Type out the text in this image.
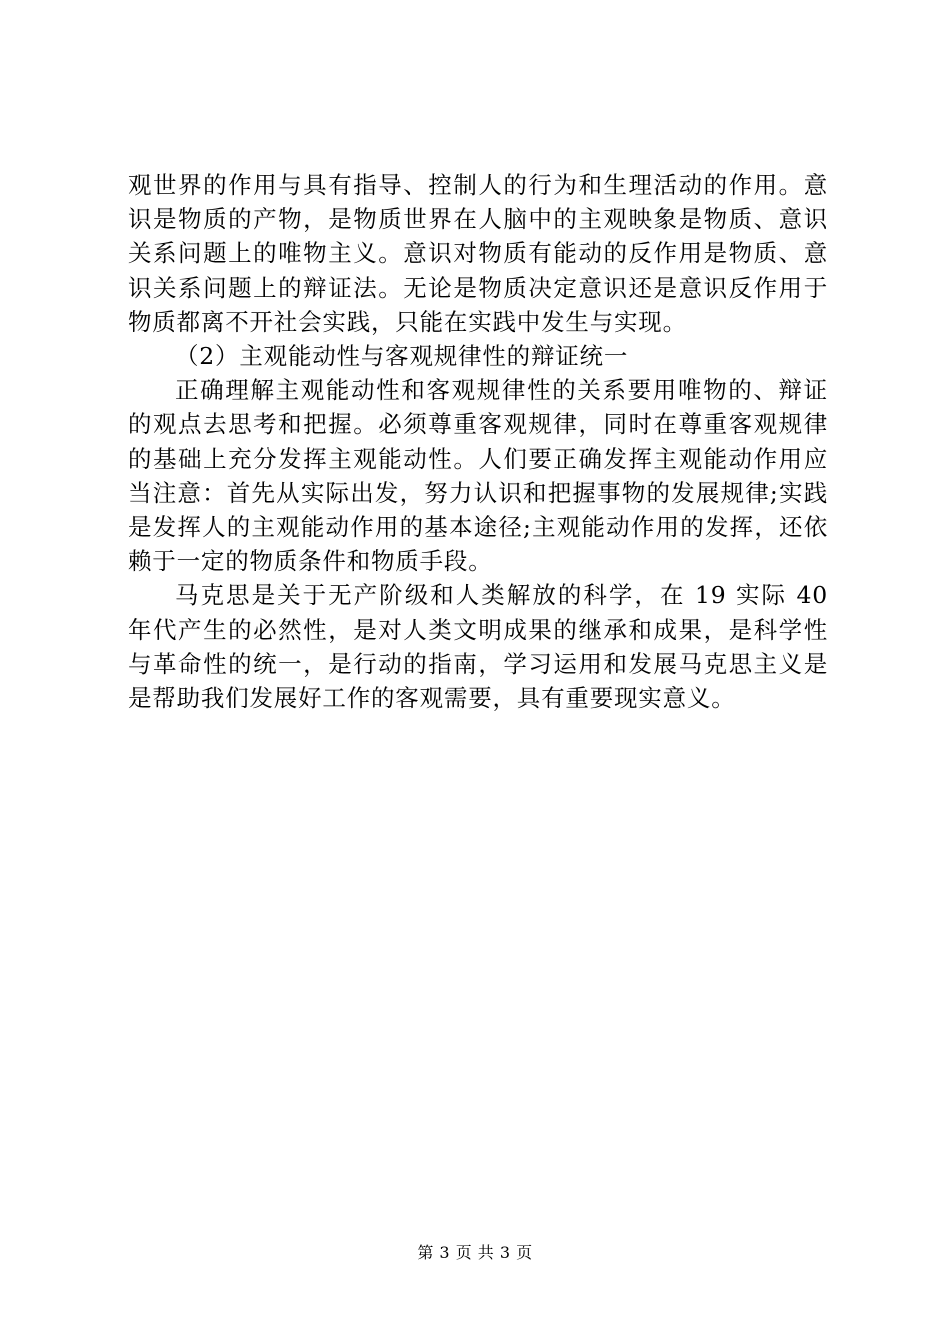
观世界的作用与具有指导、控制人的行为和生理活动的作用。意识是物质的产物，是物质世界在人脑中的主观映象是物质、意识关系问题上的唯物主义。意识对物质有能动的反作用是物质、意识关系问题上的辩证法。无论是物质决定意识还是意识反作用于物质都离不开社会实践，只能在实践中发生与实现。

（2）主观能动性与客观规律性的辩证统一

正确理解主观能动性和客观规律性的关系要用唯物的、辩证的观点去思考和把握。必须尊重客观规律，同时在尊重客观规律的基础上充分发挥主观能动性。人们要正确发挥主观能动作用应当注意：首先从实际出发，努力认识和把握事物的发展规律;实践是发挥人的主观能动作用的基本途径;主观能动作用的发挥，还依赖于一定的物质条件和物质手段。

马克思是关于无产阶级和人类解放的科学，在 19 实际 40 年代产生的必然性，是对人类文明成果的继承和成果，是科学性与革命性的统一，是行动的指南，学习运用和发展马克思主义是是帮助我们发展好工作的客观需要，具有重要现实意义。

第 3 页 共 3 页
